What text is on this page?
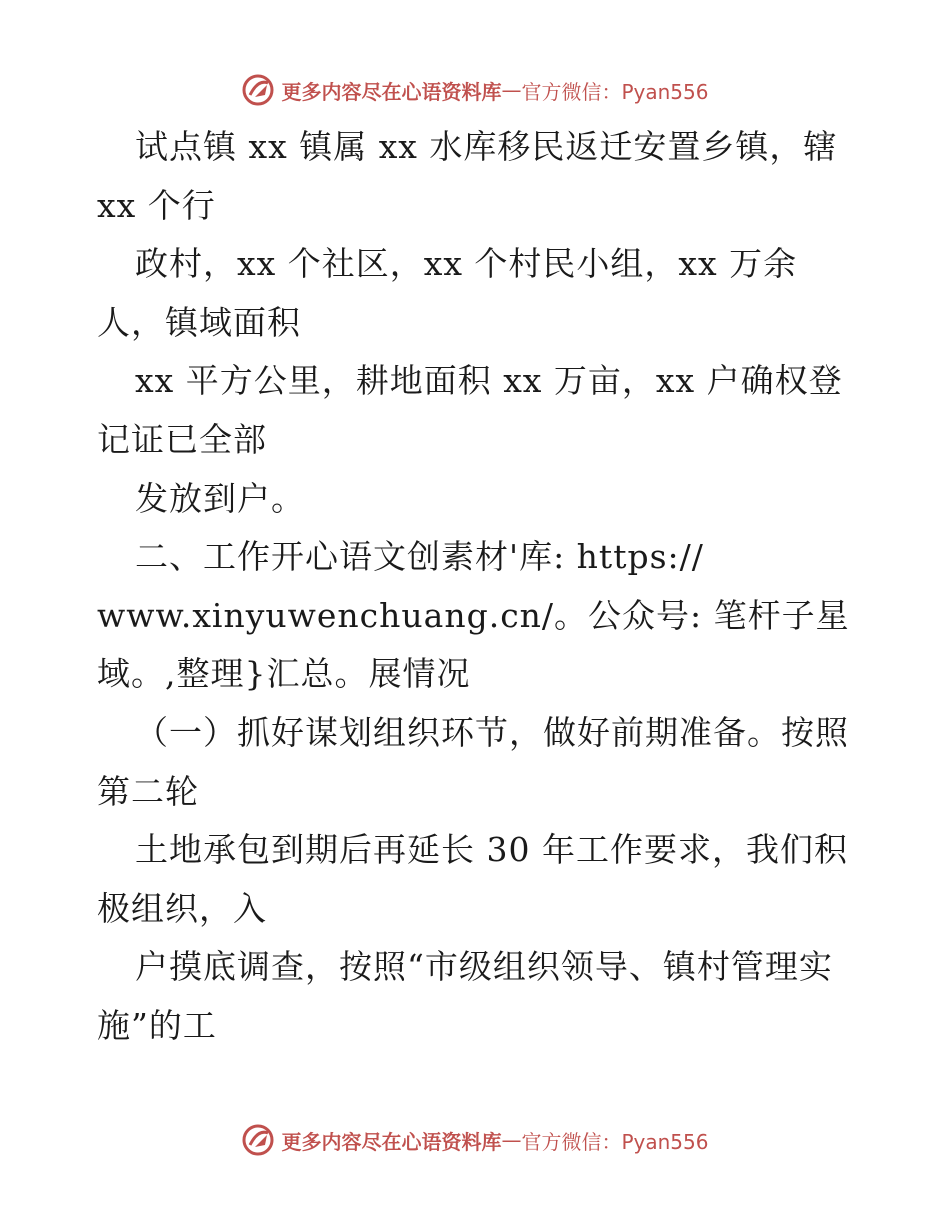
更多内容尽在心语资料库 — 官方微信：Pyan556
试点镇 xx 镇属 xx 水库移民返迁安置乡镇，辖
xx 个行
政村，xx 个社区，xx 个村民小组，xx 万余
人，镇域面积
xx 平方公里，耕地面积 xx 万亩，xx 户确权登
记证已全部
发放到户。
二、工作开心语文创素材'库: https://
www.xinyuwenchuang.cn/。公众号: 笔杆子星
域。,整理}汇总。展情况
（一）抓好谋划组织环节，做好前期准备。按照
第二轮
土地承包到期后再延长 30 年工作要求，我们积
极组织，入
户摸底调查，按照“市级组织领导、镇村管理实
施”的工
更多内容尽在心语资料库 — 官方微信：Pyan556
